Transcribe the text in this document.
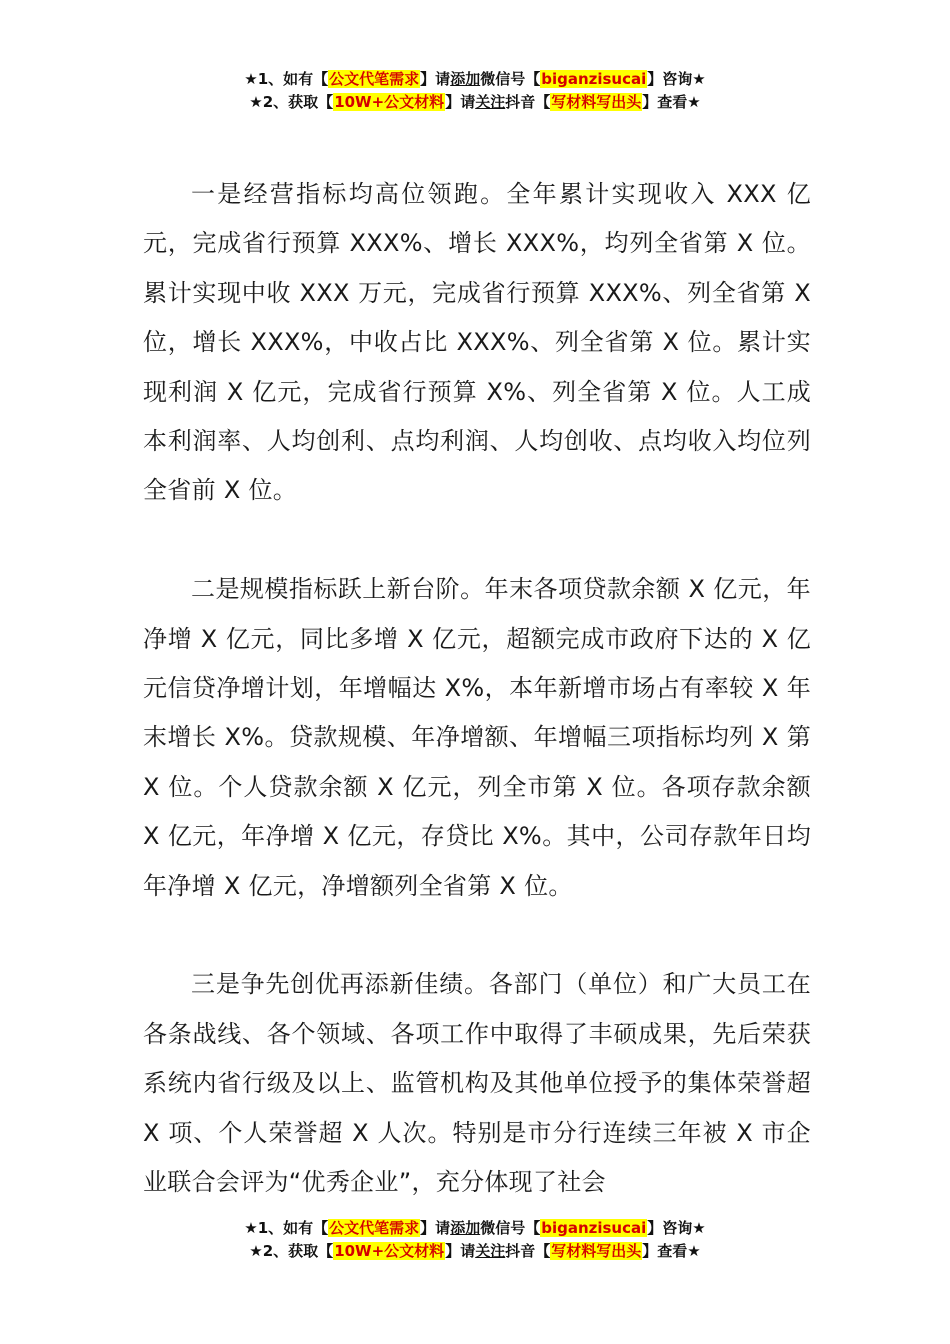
★1、如有【公文代笔需求】请添加微信号【biganzisucai】咨询★
★2、获取【10W+公文材料】请关注抖音【写材料写出头】查看★

一是经营指标均高位领跑。全年累计实现收入 XXX 亿元，完成省行预算 XXX%、增长 XXX%，均列全省第 X 位。累计实现中收 XXX 万元，完成省行预算 XXX%、列全省第 X 位，增长 XXX%，中收占比 XXX%、列全省第 X 位。累计实现利润 X 亿元，完成省行预算 X%、列全省第 X 位。人工成本利润率、人均创利、点均利润、人均创收、点均收入均位列全省前 X 位。

二是规模指标跃上新台阶。年末各项贷款余额 X 亿元，年净增 X 亿元，同比多增 X 亿元，超额完成市政府下达的 X 亿元信贷净增计划，年增幅达 X%，本年新增市场占有率较 X 年末增长 X%。贷款规模、年净增额、年增幅三项指标均列 X 第 X 位。个人贷款余额 X 亿元，列全市第 X 位。各项存款余额 X 亿元，年净增 X 亿元，存贷比 X%。其中，公司存款年日均年净增 X 亿元，净增额列全省第 X 位。

三是争先创优再添新佳绩。各部门（单位）和广大员工在各条战线、各个领域、各项工作中取得了丰硕成果，先后荣获系统内省行级及以上、监管机构及其他单位授予的集体荣誉超 X 项、个人荣誉超 X 人次。特别是市分行连续三年被 X 市企业联合会评为“优秀企业”，充分体现了社会

★1、如有【公文代笔需求】请添加微信号【biganzisucai】咨询★
★2、获取【10W+公文材料】请关注抖音【写材料写出头】查看★
